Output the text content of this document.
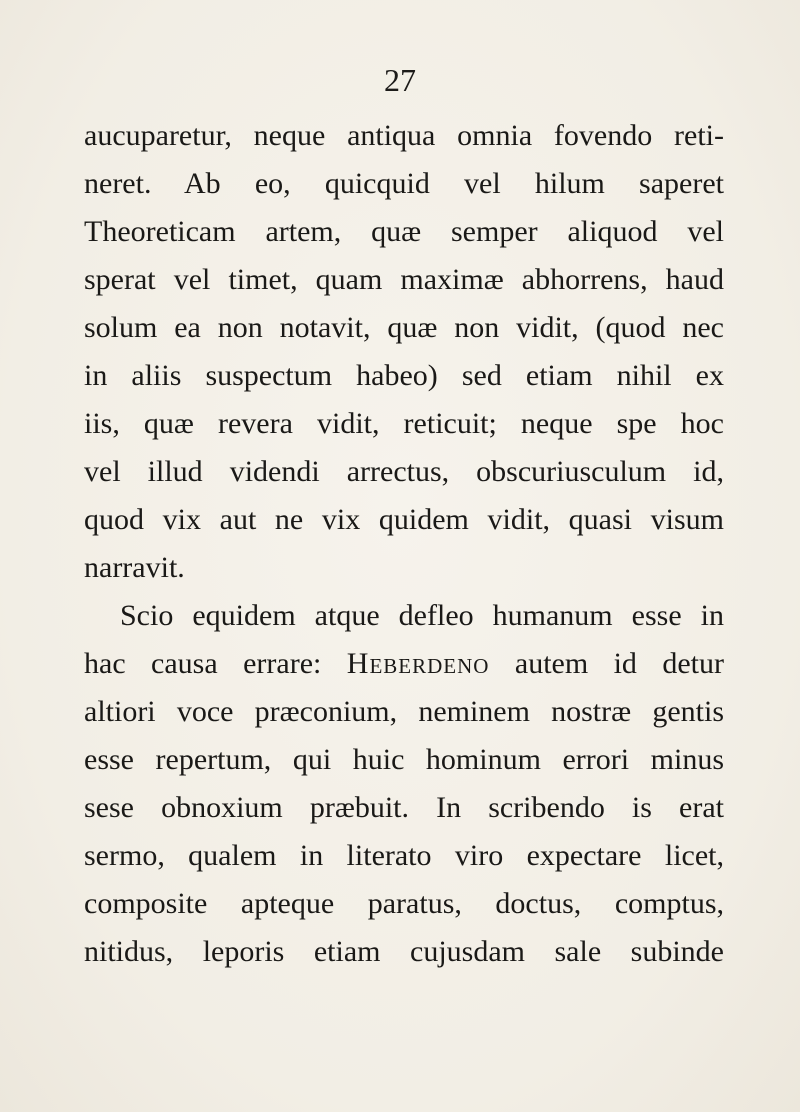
27
aucuparetur, neque antiqua omnia fovendo reti-
neret. Ab eo, quicquid vel hilum saperet
Theoreticam artem, quæ semper aliquod vel
sperat vel timet, quam maximæ abhorrens, haud
solum ea non notavit, quæ non vidit, (quod nec
in aliis suspectum habeo) sed etiam nihil ex
iis, quæ revera vidit, reticuit; neque spe hoc
vel illud videndi arrectus, obscuriusculum id,
quod vix aut ne vix quidem vidit, quasi visum
narravit.
Scio equidem atque defleo humanum esse in
hac causa errare: Heberdeno autem id detur
altiori voce præconium, neminem nostræ gentis
esse repertum, qui huic hominum errori minus
sese obnoxium præbuit. In scribendo is erat
sermo, qualem in literato viro expectare licet,
composite apteque paratus, doctus, comptus,
nitidus, leporis etiam cujusdam sale subinde
